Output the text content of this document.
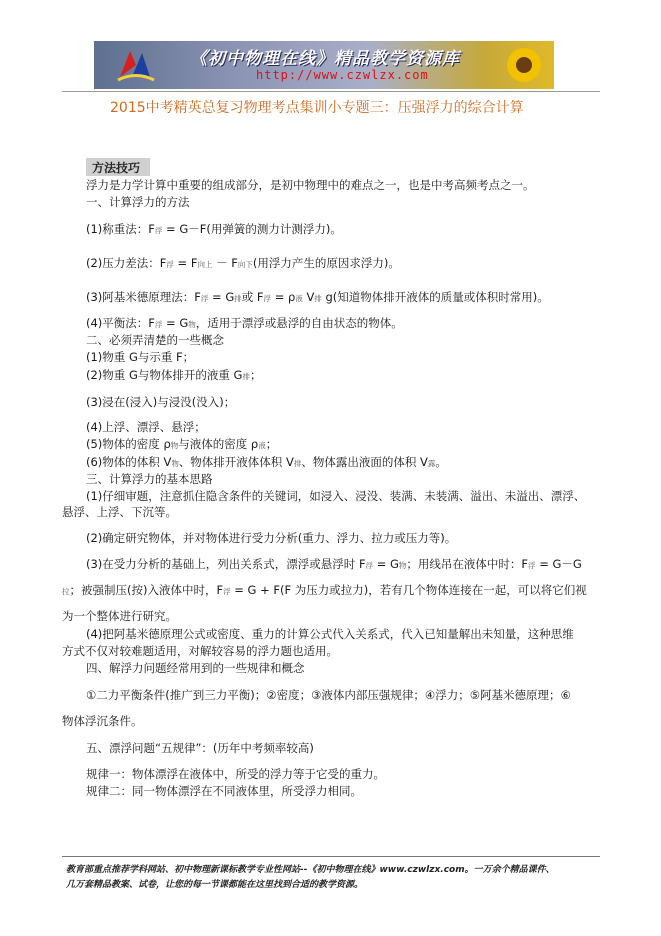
《初中物理在线》精品教学资源库
http://www.czwlzx.com
2015中考精英总复习物理考点集训小专题三：压强浮力的综合计算
方法技巧
浮力是力学计算中重要的组成部分，是初中物理中的难点之一，也是中考高频考点之一。
一、计算浮力的方法
(1)称重法：F浮 = G－F(用弹簧的测力计测浮力)。
(2)压力差法：F浮 = F向上 － F向下(用浮力产生的原因求浮力)。
(3)阿基米德原理法：F浮 = G排或 F浮 = ρ液 V排 g(知道物体排开液体的质量或体积时常用)。
(4)平衡法：F浮 = G物，适用于漂浮或悬浮的自由状态的物体。
二、必须弄清楚的一些概念
(1)物重 G与示重 F；
(2)物重 G与物体排开的液重 G排；
(3)浸在(浸入)与浸没(没入)；
(4)上浮、漂浮、悬浮；
(5)物体的密度 ρ物与液体的密度 ρ液；
(6)物体的体积 V物、物体排开液体体积 V排、物体露出液面的体积 V露。
三、计算浮力的基本思路
(1)仔细审题，注意抓住隐含条件的关键词，如浸入、浸没、装满、未装满、溢出、未溢出、漂浮、
悬浮、上浮、下沉等。
(2)确定研究物体，并对物体进行受力分析(重力、浮力、拉力或压力等)。
(3)在受力分析的基础上，列出关系式，漂浮或悬浮时 F浮 = G物；用线吊在液体中时：F浮 = G－G
拉；被强制压(按)入液体中时，F浮 = G + F(F 为压力或拉力)，若有几个物体连接在一起，可以将它们视
为一个整体进行研究。
(4)把阿基米德原理公式或密度、重力的计算公式代入关系式，代入已知量解出未知量，这种思维
方式不仅对较难题适用，对解较容易的浮力题也适用。
四、解浮力问题经常用到的一些规律和概念
①二力平衡条件(推广到三力平衡)；②密度；③液体内部压强规律；④浮力；⑤阿基米德原理；⑥
物体浮沉条件。
五、漂浮问题“五规律”：(历年中考频率较高)
规律一：物体漂浮在液体中，所受的浮力等于它受的重力。
规律二：同一物体漂浮在不同液体里，所受浮力相同。
教育部重点推荐学科网站、初中物理新课标教学专业性网站--《初中物理在线》www.czwlzx.com。一万余个精品课件、
几万套精品教案、试卷，让您的每一节课都能在这里找到合适的教学资源。
